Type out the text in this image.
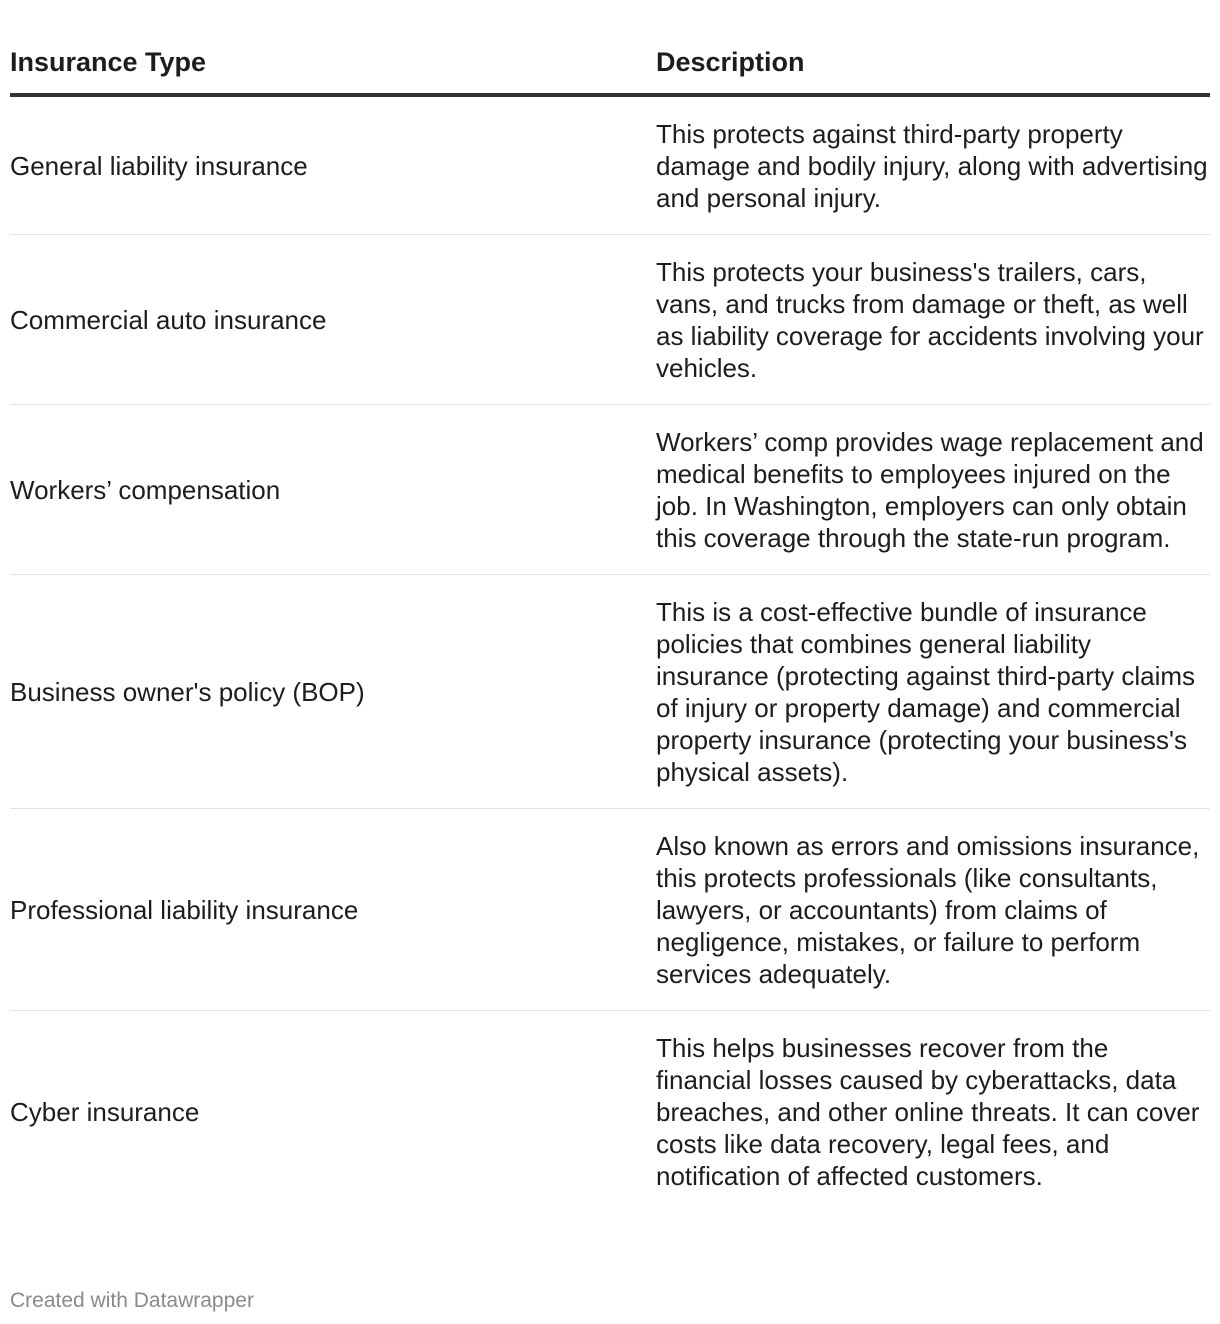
Insurance Type	Description
General liability insurance	This protects against third-party property damage and bodily injury, along with advertising and personal injury.
Commercial auto insurance	This protects your business's trailers, cars, vans, and trucks from damage or theft, as well as liability coverage for accidents involving your vehicles.
Workers’ compensation	Workers’ comp provides wage replacement and medical benefits to employees injured on the job. In Washington, employers can only obtain this coverage through the state-run program.
Business owner's policy (BOP)	This is a cost-effective bundle of insurance policies that combines general liability insurance (protecting against third-party claims of injury or property damage) and commercial property insurance (protecting your business's physical assets).
Professional liability insurance	Also known as errors and omissions insurance, this protects professionals (like consultants, lawyers, or accountants) from claims of negligence, mistakes, or failure to perform services adequately.
Cyber insurance	This helps businesses recover from the financial losses caused by cyberattacks, data breaches, and other online threats. It can cover costs like data recovery, legal fees, and notification of affected customers.
Created with Datawrapper
